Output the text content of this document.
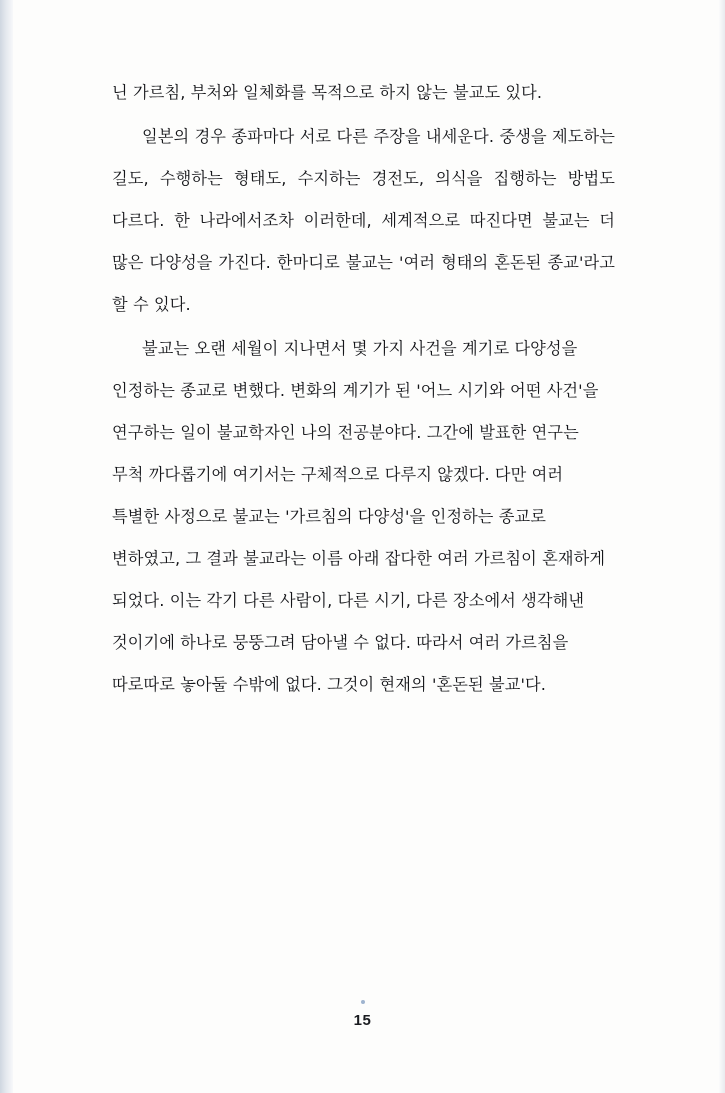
닌 가르침, 부처와 일체화를 목적으로 하지 않는 불교도 있다.

일본의 경우 종파마다 서로 다른 주장을 내세운다. 중생을 제도하는 길도, 수행하는 형태도, 수지하는 경전도, 의식을 집행하는 방법도 다르다. 한 나라에서조차 이러한데, 세계적으로 따진다면 불교는 더 많은 다양성을 가진다. 한마디로 불교는 '여러 형태의 혼돈된 종교'라고 할 수 있다.

불교는 오랜 세월이 지나면서 몇 가지 사건을 계기로 다양성을 인정하는 종교로 변했다. 변화의 계기가 된 '어느 시기와 어떤 사건'을 연구하는 일이 불교학자인 나의 전공분야다. 그간에 발표한 연구는 무척 까다롭기에 여기서는 구체적으로 다루지 않겠다. 다만 여러 특별한 사정으로 불교는 '가르침의 다양성'을 인정하는 종교로 변하였고, 그 결과 불교라는 이름 아래 잡다한 여러 가르침이 혼재하게 되었다. 이는 각기 다른 사람이, 다른 시기, 다른 장소에서 생각해낸 것이기에 하나로 뭉뚱그려 담아낼 수 없다. 따라서 여러 가르침을 따로따로 놓아둘 수밖에 없다. 그것이 현재의 '혼돈된 불교'다.

15
